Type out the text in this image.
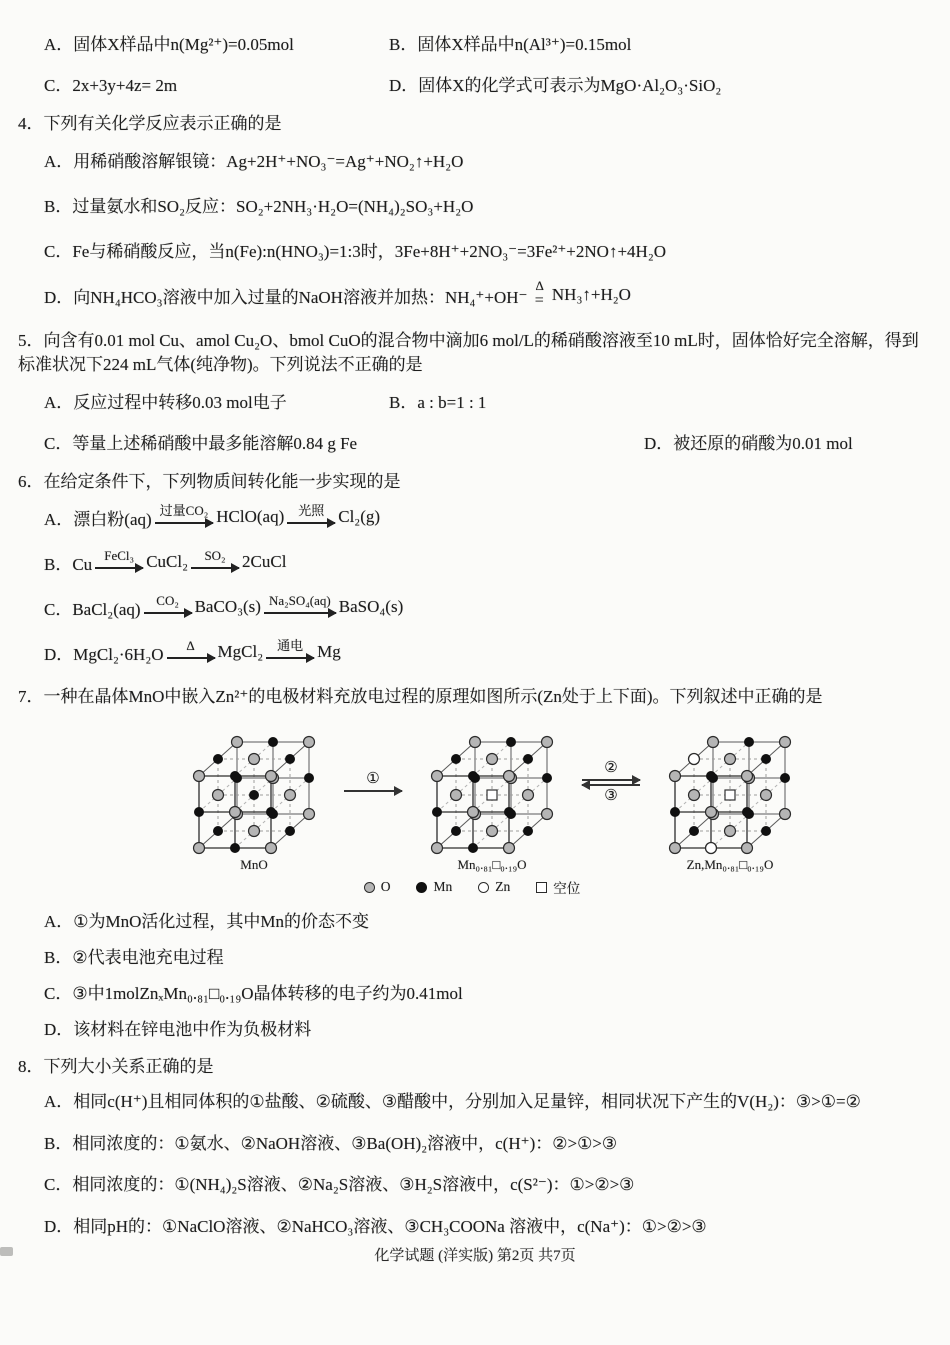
A．固体X样品中n(Mg²⁺)=0.05mol	B．固体X样品中n(Al³⁺)=0.15mol
C．2x+3y+4z= 2m	D．固体X的化学式可表示为MgO·Al₂O₃·SiO₂
4．下列有关化学反应表示正确的是
A．用稀硝酸溶解银镜：Ag+2H⁺+NO₃⁻=Ag⁺+NO₂↑+H₂O
B．过量氨水和SO₂反应：SO₂+2NH₃·H₂O=(NH₄)₂SO₃+H₂O
C．Fe与稀硝酸反应，当n(Fe):n(HNO₃)=1:3时，3Fe+8H⁺+2NO₃⁻=3Fe²⁺+2NO↑+4H₂O
D．向NH₄HCO₃溶液中加入过量的NaOH溶液并加热：NH₄⁺+OH⁻
Δ
= NH₃↑+H₂O
5．向含有0.01 mol Cu、amol Cu₂O、bmol CuO的混合物中滴加6 mol/L的稀硝酸溶液至10 mL时，固体恰好完全溶解，得到标准状况下224 mL气体(纯净物)。下列说法不正确的是
A．反应过程中转移0.03 mol电子	B．a : b=1 : 1
C．等量上述稀硝酸中最多能溶解0.84 g Fe	D．被还原的硝酸为0.01 mol
6．在给定条件下，下列物质间转化能一步实现的是
A．漂白粉(aq) 过量CO₂ HClO(aq)	光照 Cl₂(g)
B．Cu FeCl₃ CuCl₂	SO₂ 2CuCl
C．BaCl₂(aq)	CO₂ BaCO₃(s) Na₂SO₄(aq) BaSO₄(s)
D．MgCl₂·6H₂O	Δ MgCl₂	通电 Mg
7．一种在晶体MnO中嵌入Zn²⁺的电极材料充放电过程的原理如图所示(Zn处于上下面)。下列叙述中正确的是
MnO
①
Mn₀.₈₁□₀.₁₉O
②
③
Zn,Mn₀.₈₁□₀.₁₉O
O	Mn	Zn	空位
A．①为MnO活化过程，其中Mn的价态不变
B．②代表电池充电过程
C．③中1molZnₓMn₀.₈₁□₀.₁₉O晶体转移的电子约为0.41mol
D．该材料在锌电池中作为负极材料
8．下列大小关系正确的是
A．相同c(H⁺)且相同体积的①盐酸、②硫酸、③醋酸中，分别加入足量锌，相同状况下产生的V(H₂)：③>①=②
B．相同浓度的：①氨水、②NaOH溶液、③Ba(OH)₂溶液中，c(H⁺)：②>①>③
C．相同浓度的：①(NH₄)₂S溶液、②Na₂S溶液、③H₂S溶液中，c(S²⁻)：①>②>③
D．相同pH的：①NaClO溶液、②NaHCO₃溶液、③CH₃COONa 溶液中，c(Na⁺)：①>②>③
化学试题 (洋实版) 第2页 共7页
